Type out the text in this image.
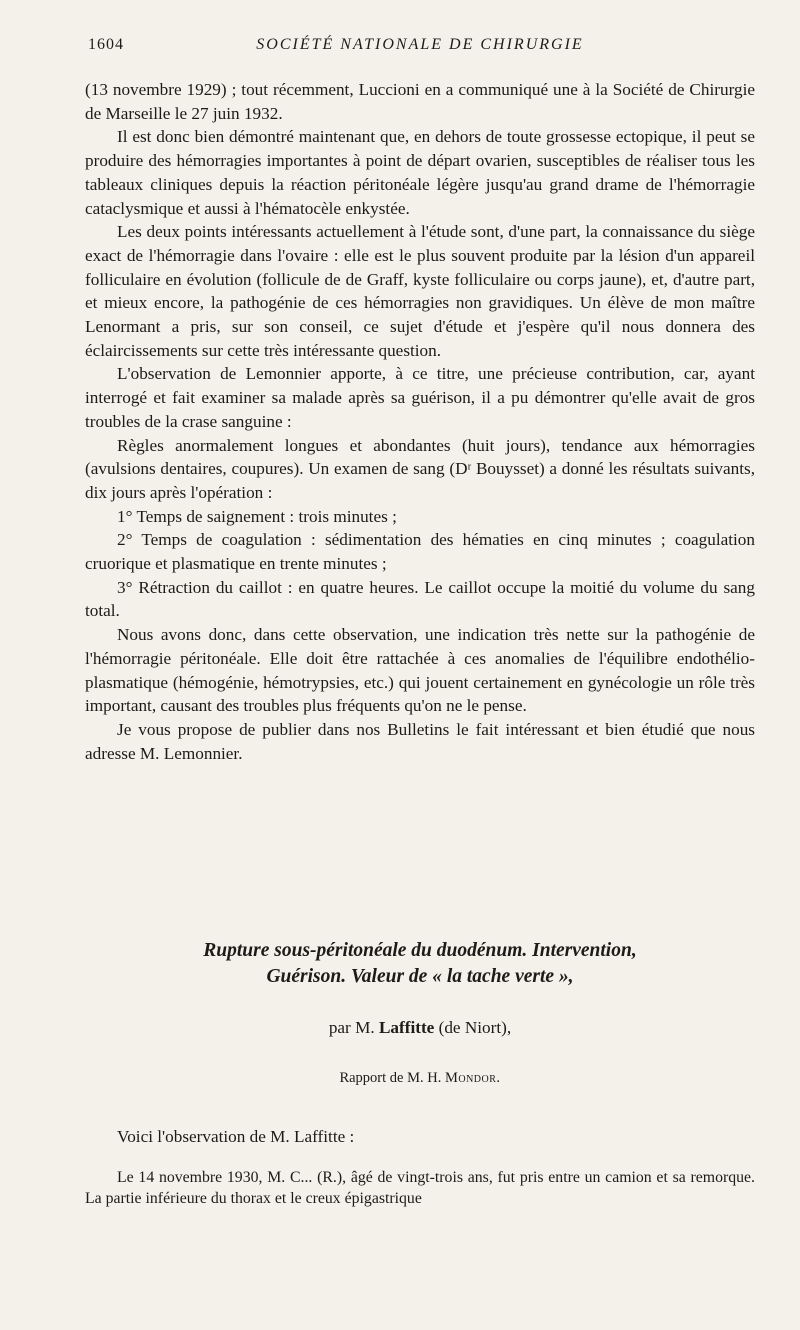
1604	SOCIÉTÉ NATIONALE DE CHIRURGIE

(13 novembre 1929) ; tout récemment, Luccioni en a communiqué une à la Société de Chirurgie de Marseille le 27 juin 1932.

Il est donc bien démontré maintenant que, en dehors de toute grossesse ectopique, il peut se produire des hémorragies importantes à point de départ ovarien, susceptibles de réaliser tous les tableaux cliniques depuis la réaction péritonéale légère jusqu'au grand drame de l'hémorragie cataclysmique et aussi à l'hématocèle enkystée.

Les deux points intéressants actuellement à l'étude sont, d'une part, la connaissance du siège exact de l'hémorragie dans l'ovaire : elle est le plus souvent produite par la lésion d'un appareil folliculaire en évolution (follicule de de Graff, kyste folliculaire ou corps jaune), et, d'autre part, et mieux encore, la pathogénie de ces hémorragies non gravidiques. Un élève de mon maître Lenormant a pris, sur son conseil, ce sujet d'étude et j'espère qu'il nous donnera des éclaircissements sur cette très intéressante question.

L'observation de Lemonnier apporte, à ce titre, une précieuse contribution, car, ayant interrogé et fait examiner sa malade après sa guérison, il a pu démontrer qu'elle avait de gros troubles de la crase sanguine :

Règles anormalement longues et abondantes (huit jours), tendance aux hémorragies (avulsions dentaires, coupures). Un examen de sang (Dʳ Bouysset) a donné les résultats suivants, dix jours après l'opération :

1° Temps de saignement : trois minutes ;

2° Temps de coagulation : sédimentation des hématies en cinq minutes ; coagulation cruorique et plasmatique en trente minutes ;

3° Rétraction du caillot : en quatre heures. Le caillot occupe la moitié du volume du sang total.

Nous avons donc, dans cette observation, une indication très nette sur la pathogénie de l'hémorragie péritonéale. Elle doit être rattachée à ces anomalies de l'équilibre endothélio-plasmatique (hémogénie, hémotrypsies, etc.) qui jouent certainement en gynécologie un rôle très important, causant des troubles plus fréquents qu'on ne le pense.

Je vous propose de publier dans nos Bulletins le fait intéressant et bien étudié que nous adresse M. Lemonnier.

Rupture sous-péritonéale du duodénum. Intervention,
Guérison. Valeur de « la tache verte »,
par M. Laffitte (de Niort),
Rapport de M. H. Mondor.
Voici l'observation de M. Laffitte :

Le 14 novembre 1930, M. C... (R.), âgé de vingt-trois ans, fut pris entre un camion et sa remorque. La partie inférieure du thorax et le creux épigastrique
